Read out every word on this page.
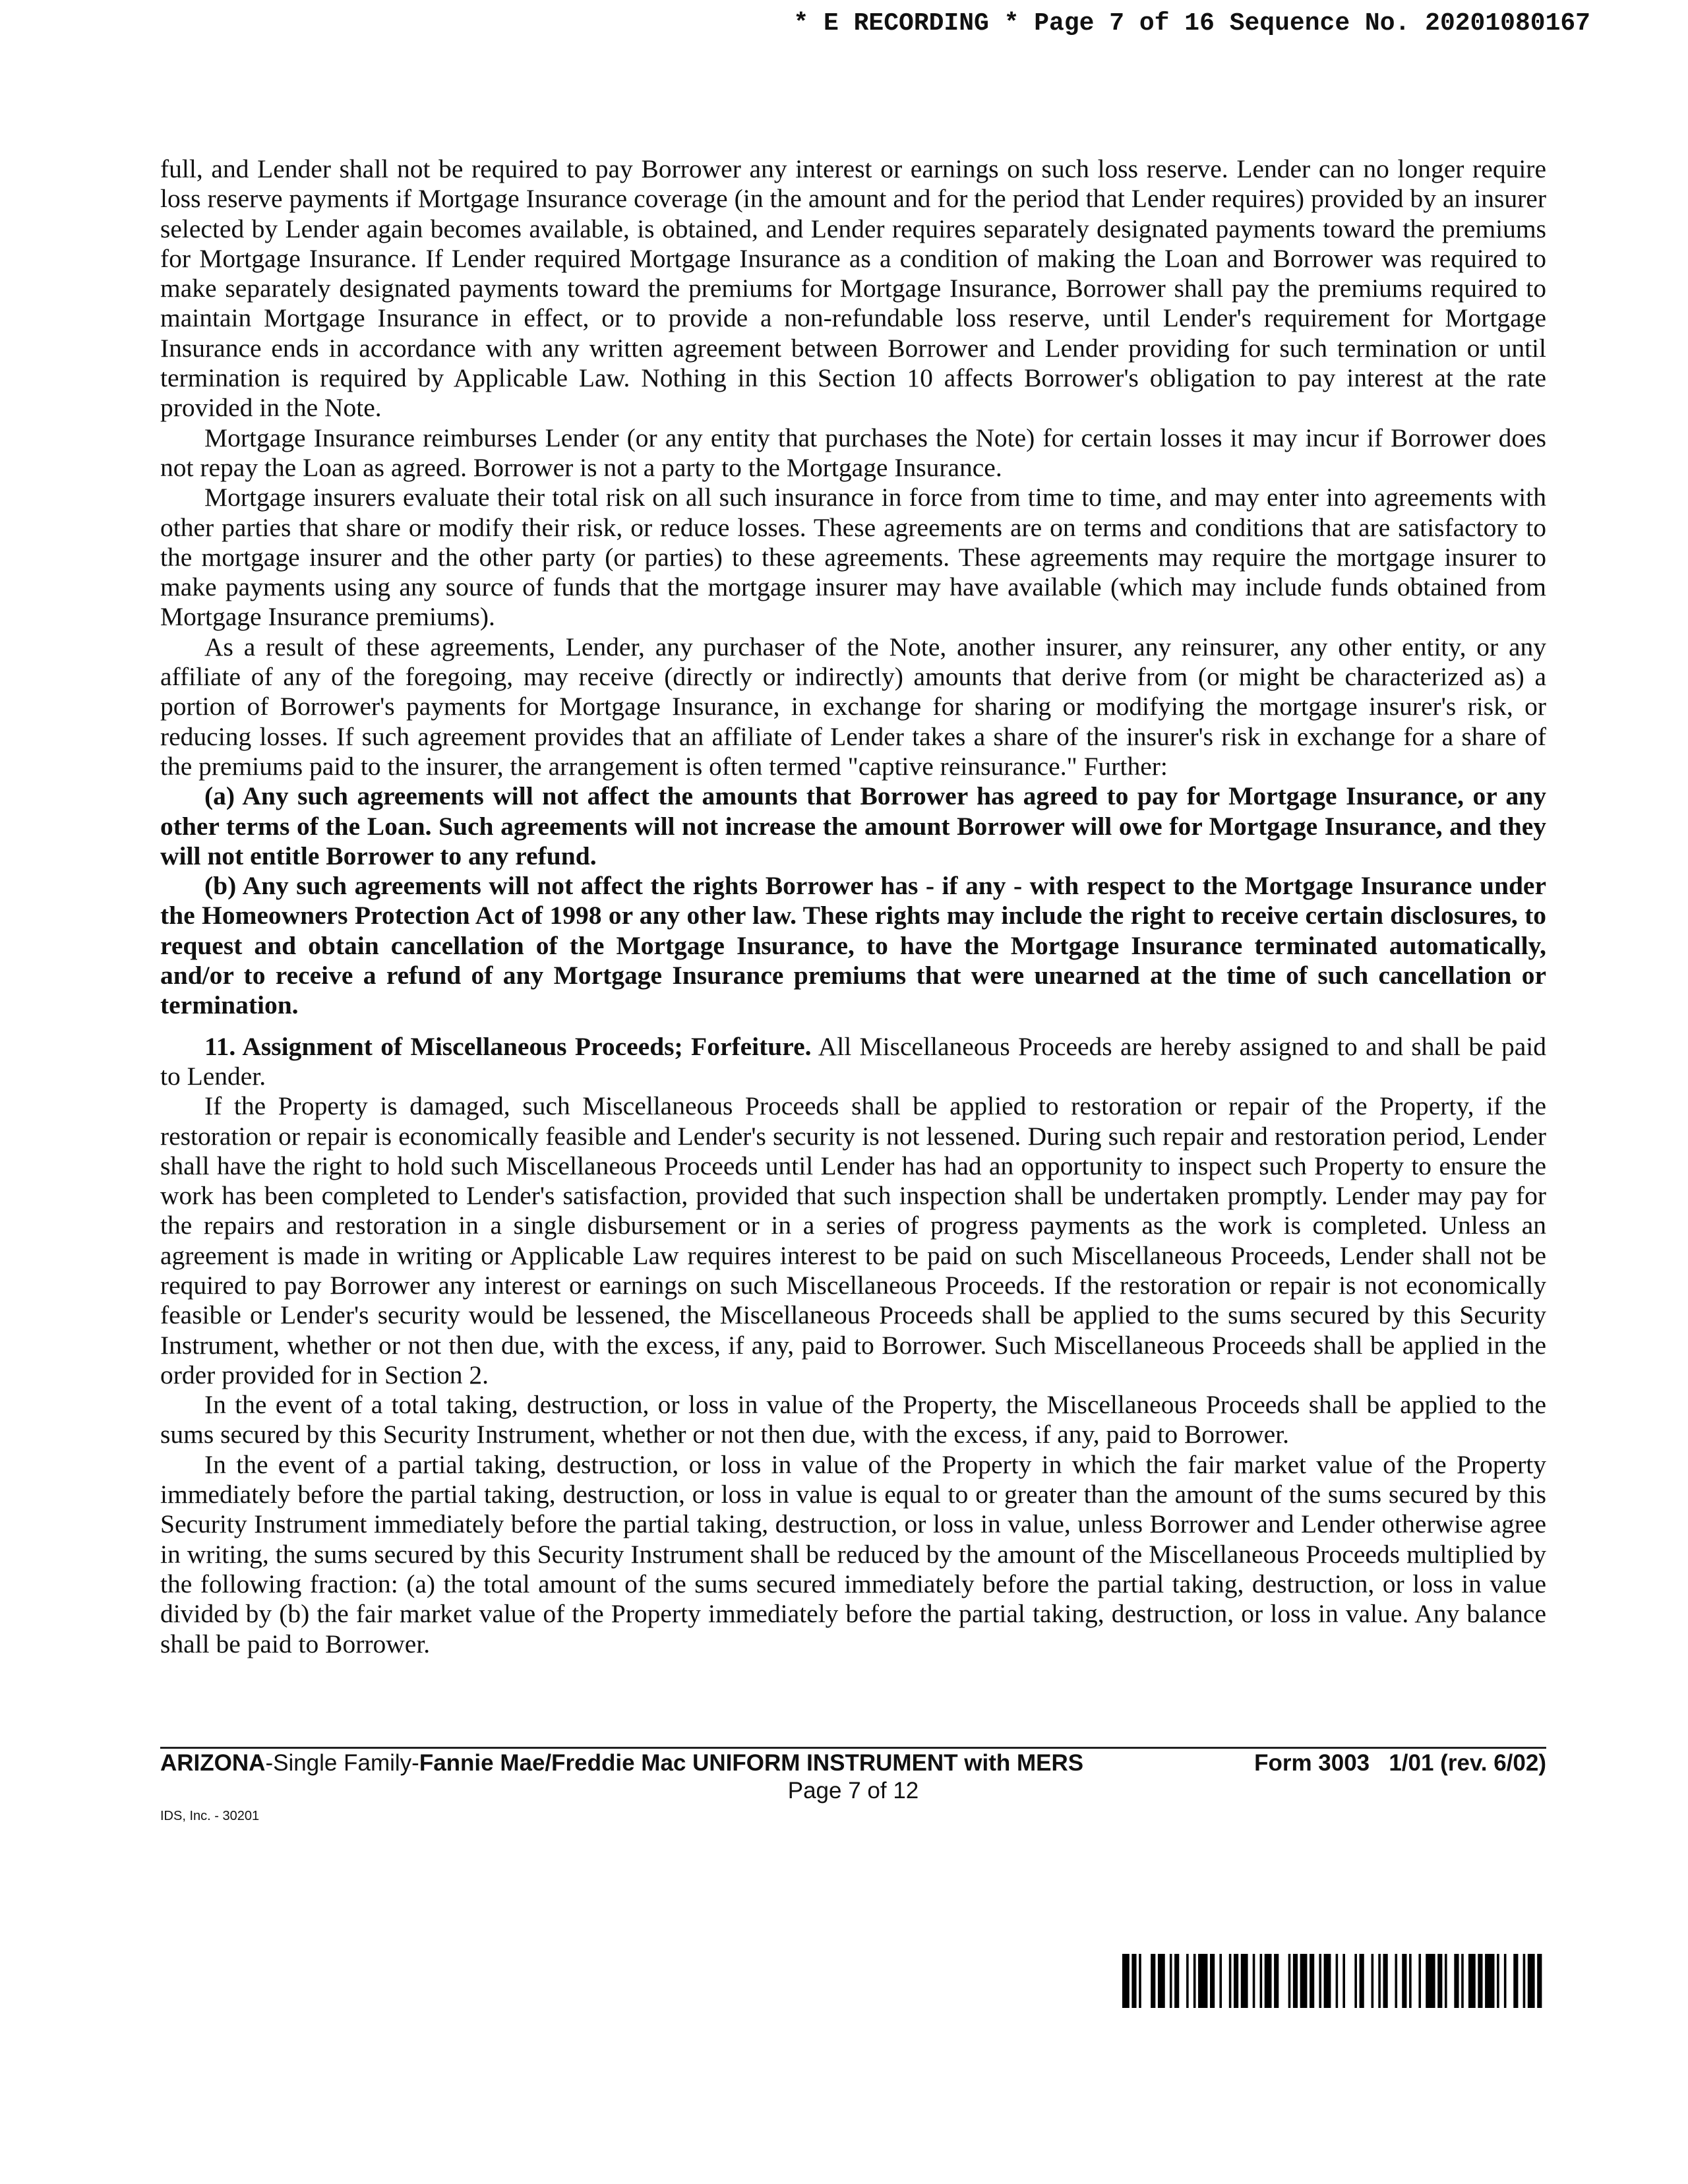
* E RECORDING * Page 7 of 16 Sequence No. 20201080167

full, and Lender shall not be required to pay Borrower any interest or earnings on such loss reserve. Lender can no longer require loss reserve payments if Mortgage Insurance coverage (in the amount and for the period that Lender requires) provided by an insurer selected by Lender again becomes available, is obtained, and Lender requires separately designated payments toward the premiums for Mortgage Insurance. If Lender required Mortgage Insurance as a condition of making the Loan and Borrower was required to make separately designated payments toward the premiums for Mortgage Insurance, Borrower shall pay the premiums required to maintain Mortgage Insurance in effect, or to provide a non-refundable loss reserve, until Lender's requirement for Mortgage Insurance ends in accordance with any written agreement between Borrower and Lender providing for such termination or until termination is required by Applicable Law. Nothing in this Section 10 affects Borrower's obligation to pay interest at the rate provided in the Note.

Mortgage Insurance reimburses Lender (or any entity that purchases the Note) for certain losses it may incur if Borrower does not repay the Loan as agreed. Borrower is not a party to the Mortgage Insurance.

Mortgage insurers evaluate their total risk on all such insurance in force from time to time, and may enter into agreements with other parties that share or modify their risk, or reduce losses. These agreements are on terms and conditions that are satisfactory to the mortgage insurer and the other party (or parties) to these agreements. These agreements may require the mortgage insurer to make payments using any source of funds that the mortgage insurer may have available (which may include funds obtained from Mortgage Insurance premiums).

As a result of these agreements, Lender, any purchaser of the Note, another insurer, any reinsurer, any other entity, or any affiliate of any of the foregoing, may receive (directly or indirectly) amounts that derive from (or might be characterized as) a portion of Borrower's payments for Mortgage Insurance, in exchange for sharing or modifying the mortgage insurer's risk, or reducing losses. If such agreement provides that an affiliate of Lender takes a share of the insurer's risk in exchange for a share of the premiums paid to the insurer, the arrangement is often termed "captive reinsurance." Further:

(a) Any such agreements will not affect the amounts that Borrower has agreed to pay for Mortgage Insurance, or any other terms of the Loan. Such agreements will not increase the amount Borrower will owe for Mortgage Insurance, and they will not entitle Borrower to any refund.

(b) Any such agreements will not affect the rights Borrower has - if any - with respect to the Mortgage Insurance under the Homeowners Protection Act of 1998 or any other law. These rights may include the right to receive certain disclosures, to request and obtain cancellation of the Mortgage Insurance, to have the Mortgage Insurance terminated automatically, and/or to receive a refund of any Mortgage Insurance premiums that were unearned at the time of such cancellation or termination.

11. Assignment of Miscellaneous Proceeds; Forfeiture. All Miscellaneous Proceeds are hereby assigned to and shall be paid to Lender.

If the Property is damaged, such Miscellaneous Proceeds shall be applied to restoration or repair of the Property, if the restoration or repair is economically feasible and Lender's security is not lessened. During such repair and restoration period, Lender shall have the right to hold such Miscellaneous Proceeds until Lender has had an opportunity to inspect such Property to ensure the work has been completed to Lender's satisfaction, provided that such inspection shall be undertaken promptly. Lender may pay for the repairs and restoration in a single disbursement or in a series of progress payments as the work is completed. Unless an agreement is made in writing or Applicable Law requires interest to be paid on such Miscellaneous Proceeds, Lender shall not be required to pay Borrower any interest or earnings on such Miscellaneous Proceeds. If the restoration or repair is not economically feasible or Lender's security would be lessened, the Miscellaneous Proceeds shall be applied to the sums secured by this Security Instrument, whether or not then due, with the excess, if any, paid to Borrower. Such Miscellaneous Proceeds shall be applied in the order provided for in Section 2.

In the event of a total taking, destruction, or loss in value of the Property, the Miscellaneous Proceeds shall be applied to the sums secured by this Security Instrument, whether or not then due, with the excess, if any, paid to Borrower.

In the event of a partial taking, destruction, or loss in value of the Property in which the fair market value of the Property immediately before the partial taking, destruction, or loss in value is equal to or greater than the amount of the sums secured by this Security Instrument immediately before the partial taking, destruction, or loss in value, unless Borrower and Lender otherwise agree in writing, the sums secured by this Security Instrument shall be reduced by the amount of the Miscellaneous Proceeds multiplied by the following fraction: (a) the total amount of the sums secured immediately before the partial taking, destruction, or loss in value divided by (b) the fair market value of the Property immediately before the partial taking, destruction, or loss in value. Any balance shall be paid to Borrower.

ARIZONA-Single Family-Fannie Mae/Freddie Mac UNIFORM INSTRUMENT with MERS	Form 3003   1/01 (rev. 6/02)
Page 7 of 12
IDS, Inc. - 30201
